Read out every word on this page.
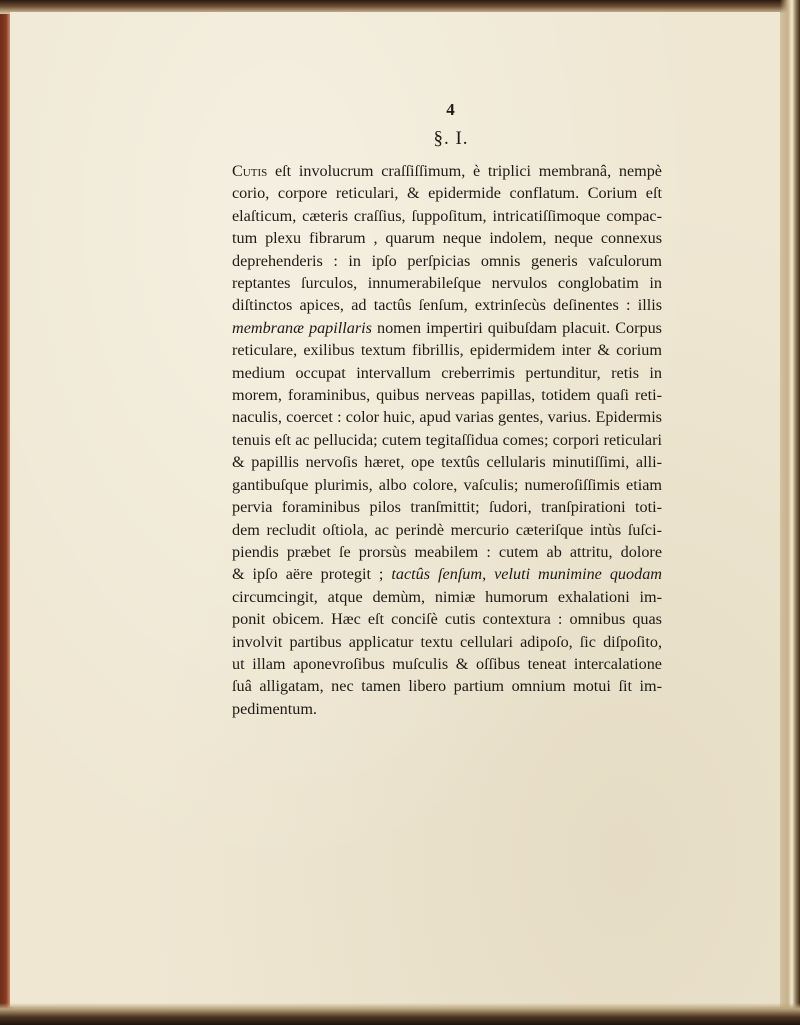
4
§. I.

Cutis eſt involucrum craſſiſſimum, è triplici membranâ, nempè
corio, corpore reticulari, & epidermide conflatum. Corium eſt
elaſticum, cæteris craſſius, ſuppoſitum, intricatiſſimoque compac-
tum plexu fibrarum , quarum neque indolem, neque connexus
deprehenderis : in ipſo perſpicias omnis generis vaſculorum
reptantes ſurculos, innumerabileſque nervulos conglobatim in
diſtinctos apices, ad tactûs ſenſum, extrinſecùs deſinentes : illis
membranæ papillaris nomen impertiri quibuſdam placuit. Corpus
reticulare, exilibus textum fibrillis, epidermidem inter & corium
medium occupat intervallum creberrimis pertunditur, retis in
morem, foraminibus, quibus nerveas papillas, totidem quaſi reti-
naculis, coercet : color huic, apud varias gentes, varius. Epidermis
tenuis eſt ac pellucida; cutem tegitaſſidua comes; corpori reticulari
& papillis nervoſis hæret, ope textûs cellularis minutiſſimi, alli-
gantibuſque plurimis, albo colore, vaſculis; numeroſiſſimis etiam
pervia foraminibus pilos tranſmittit; ſudori, tranſpirationi toti-
dem recludit oſtiola, ac perindè mercurio cæteriſque intùs ſuſci-
piendis præbet ſe prorsùs meabilem : cutem ab attritu, dolore
& ipſo aëre protegit ; tactûs ſenſum, veluti munimine quodam
circumcingit, atque demùm, nimiæ humorum exhalationi im-
ponit obicem. Hæc eſt conciſè cutis contextura : omnibus quas
involvit partibus applicatur textu cellulari adipoſo, ſic diſpoſito,
ut illam aponevroſibus muſculis & oſſibus teneat intercalatione
ſuâ alligatam, nec tamen libero partium omnium motui ſit im-
pedimentum.
